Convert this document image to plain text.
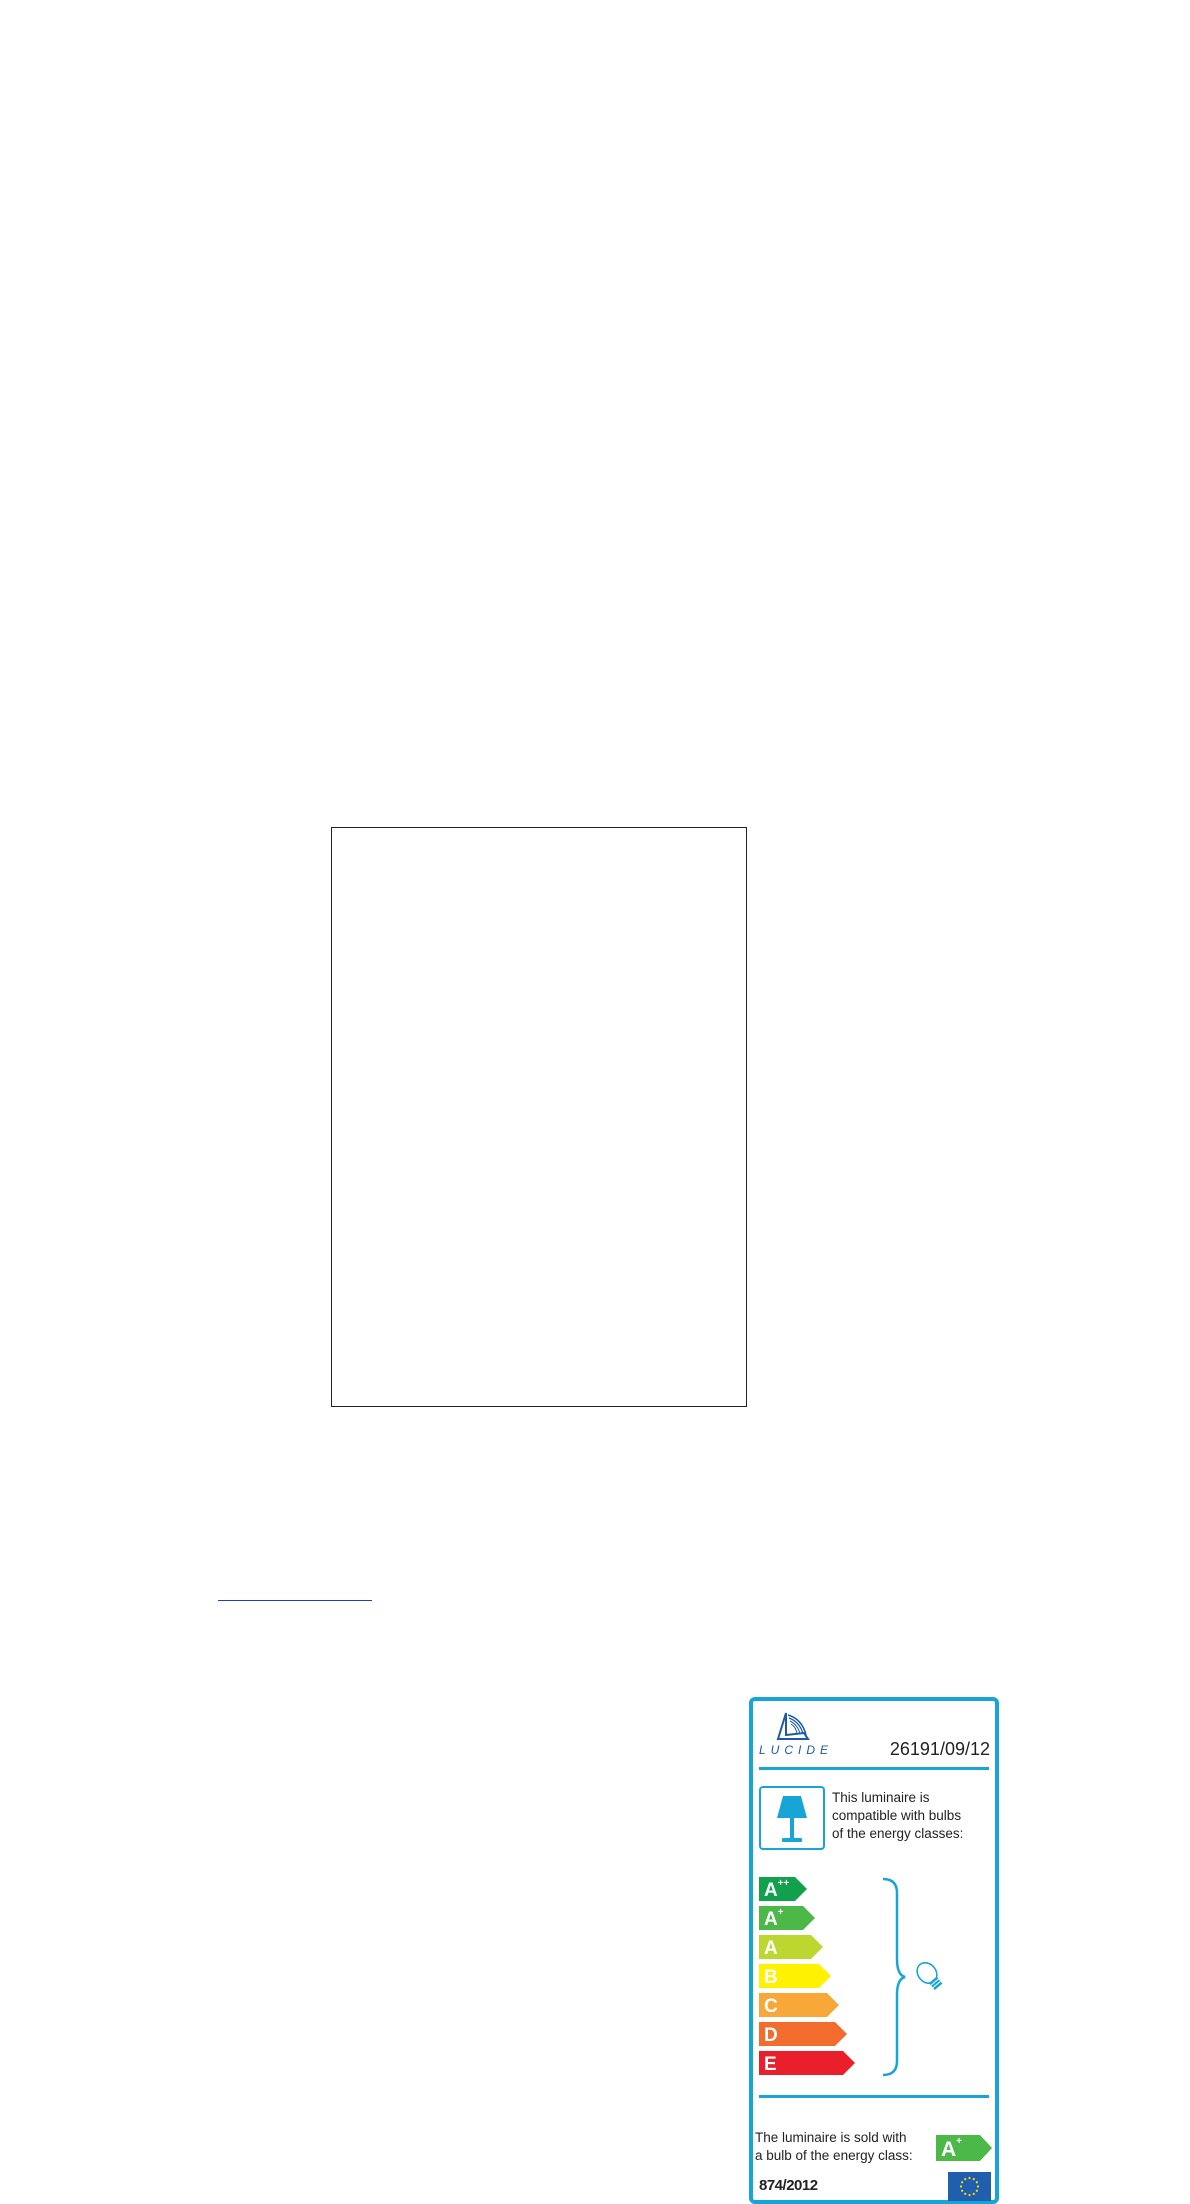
LUCIDE	26191/09/12
This luminaire is
compatible with bulbs
of the energy classes:
A ++
A +
A
B
C
D
E
The luminaire is sold with
a bulb of the energy class: A +
874/2012
